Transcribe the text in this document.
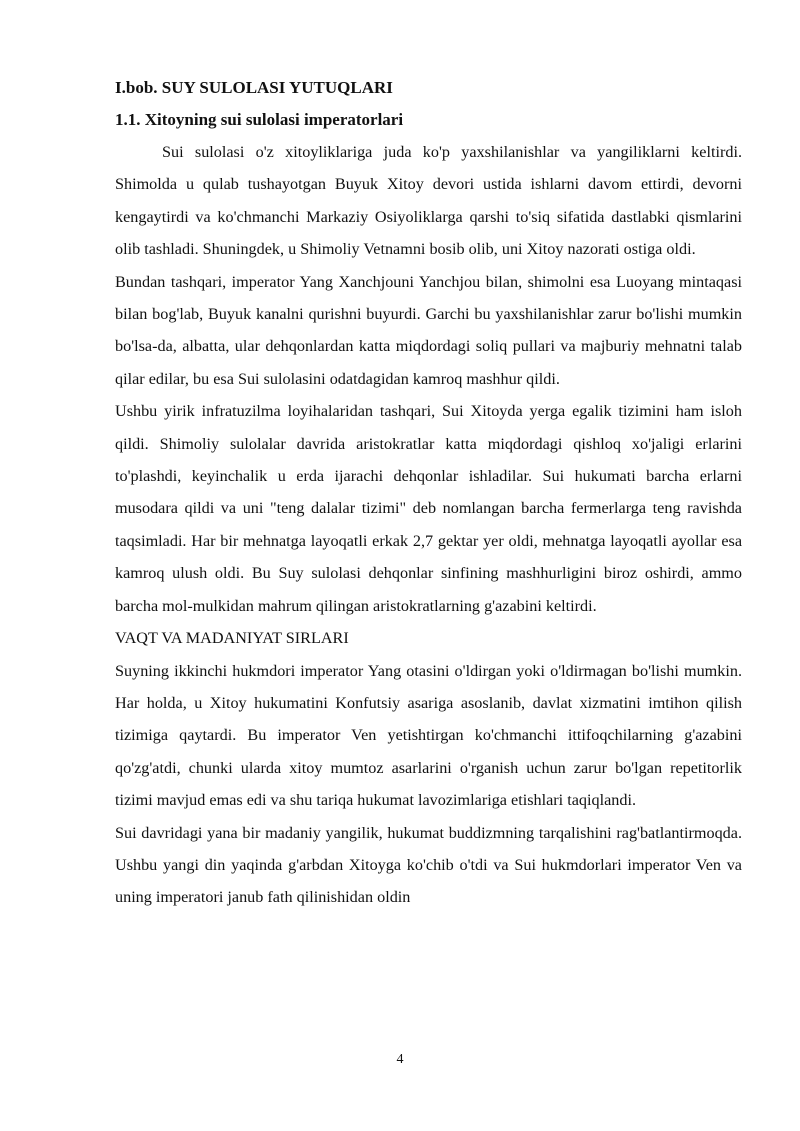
I.bob. SUY SULOLASI YUTUQLARI

1.1. Xitoyning sui sulolasi imperatorlari

Sui sulolasi o'z xitoyliklariga juda ko'p yaxshilanishlar va yangiliklarni keltirdi. Shimolda u qulab tushayotgan Buyuk Xitoy devori ustida ishlarni davom ettirdi, devorni kengaytirdi va ko'chmanchi Markaziy Osiyoliklarga qarshi to'siq sifatida dastlabki qismlarini olib tashladi. Shuningdek, u Shimoliy Vetnamni bosib olib, uni Xitoy nazorati ostiga oldi.

Bundan tashqari, imperator Yang Xanchjouni Yanchjou bilan, shimolni esa Luoyang mintaqasi bilan bog'lab, Buyuk kanalni qurishni buyurdi. Garchi bu yaxshilanishlar zarur bo'lishi mumkin bo'lsa-da, albatta, ular dehqonlardan katta miqdordagi soliq pullari va majburiy mehnatni talab qilar edilar, bu esa Sui sulolasini odatdagidan kamroq mashhur qildi.

Ushbu yirik infratuzilma loyihalaridan tashqari, Sui Xitoyda yerga egalik tizimini ham isloh qildi. Shimoliy sulolalar davrida aristokratlar katta miqdordagi qishloq xo'jaligi erlarini to'plashdi, keyinchalik u erda ijarachi dehqonlar ishladilar. Sui hukumati barcha erlarni musodara qildi va uni "teng dalalar tizimi" deb nomlangan barcha fermerlarga teng ravishda taqsimladi. Har bir mehnatga layoqatli erkak 2,7 gektar yer oldi, mehnatga layoqatli ayollar esa kamroq ulush oldi. Bu Suy sulolasi dehqonlar sinfining mashhurligini biroz oshirdi, ammo barcha mol-mulkidan mahrum qilingan aristokratlarning g'azabini keltirdi.

VAQT VA MADANIYAT SIRLARI

Suyning ikkinchi hukmdori imperator Yang otasini o'ldirgan yoki o'ldirmagan bo'lishi mumkin. Har holda, u Xitoy hukumatini Konfutsiy asariga asoslanib, davlat xizmatini imtihon qilish tizimiga qaytardi. Bu imperator Ven yetishtirgan ko'chmanchi ittifoqchilarning g'azabini qo'zg'atdi, chunki ularda xitoy mumtoz asarlarini o'rganish uchun zarur bo'lgan repetitorlik tizimi mavjud emas edi va shu tariqa hukumat lavozimlariga etishlari taqiqlandi.

Sui davridagi yana bir madaniy yangilik, hukumat buddizmning tarqalishini rag'batlantirmoqda. Ushbu yangi din yaqinda g'arbdan Xitoyga ko'chib o'tdi va Sui hukmdorlari imperator Ven va uning imperatori janub fath qilinishidan oldin

4
